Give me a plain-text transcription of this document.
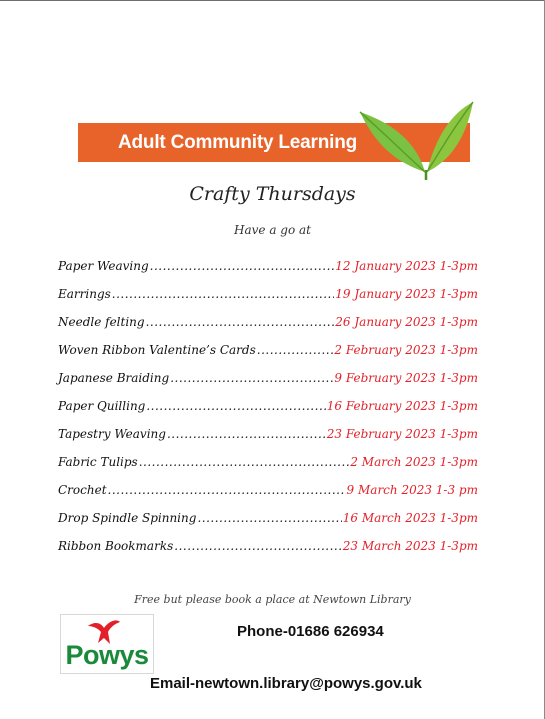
Adult Community Learning
Crafty Thursdays
Have a go at
Paper Weaving .....	12 January 2023 1-3pm
Earrings .....	19 January 2023 1-3pm
Needle felting .....	26 January 2023 1-3pm
Woven Ribbon Valentine’s Cards .....	2 February 2023 1-3pm
Japanese Braiding .....	9 February 2023 1-3pm
Paper Quilling .....	16 February 2023 1-3pm
Tapestry Weaving .....	23 February 2023 1-3pm
Fabric Tulips .....	2 March 2023 1-3pm
Crochet .....	9 March 2023 1-3 pm
Drop Spindle Spinning .....	16 March 2023 1-3pm
Ribbon Bookmarks .....	23 March 2023 1-3pm
Free but please book a place at Newtown Library
Powys
Phone-01686 626934
Email-newtown.library@powys.gov.uk
